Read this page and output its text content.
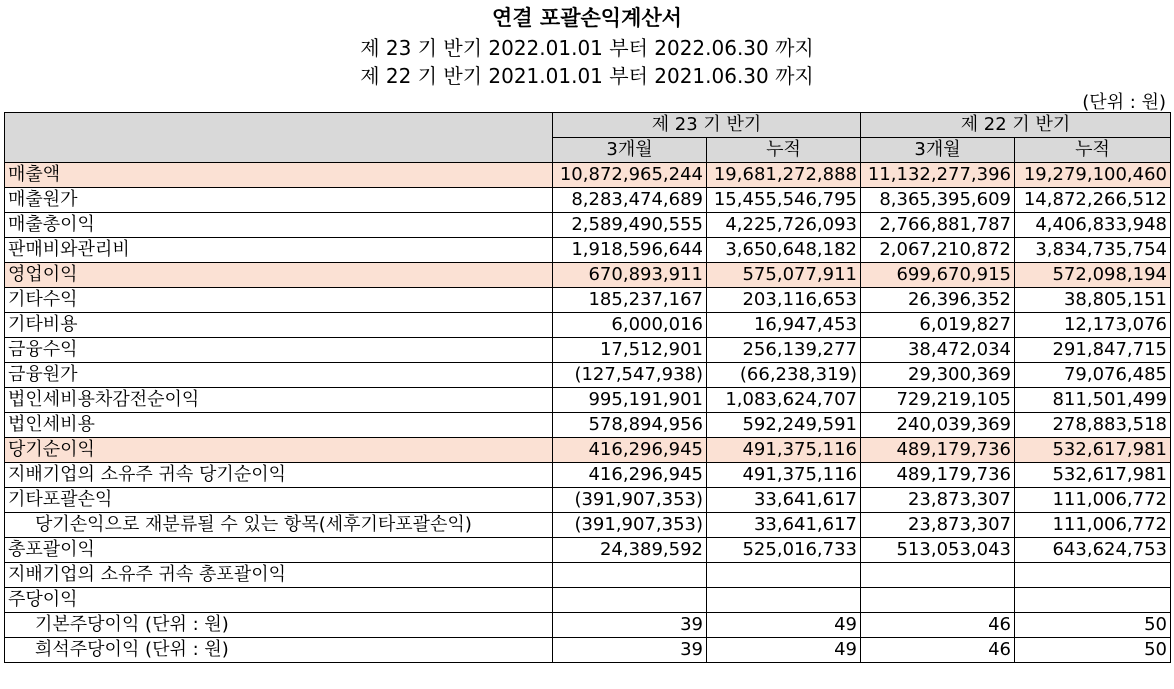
연결 포괄손익계산서
제 23 기 반기 2022.01.01 부터 2022.06.30 까지
제 22 기 반기 2021.01.01 부터 2021.06.30 까지
(단위 : 원)
	제 23 기 반기		제 22 기 반기	
	3개월	누적	3개월	누적
매출액	10,872,965,244	19,681,272,888	11,132,277,396	19,279,100,460
매출원가	8,283,474,689	15,455,546,795	8,365,395,609	14,872,266,512
매출총이익	2,589,490,555	4,225,726,093	2,766,881,787	4,406,833,948
판매비와관리비	1,918,596,644	3,650,648,182	2,067,210,872	3,834,735,754
영업이익	670,893,911	575,077,911	699,670,915	572,098,194
기타수익	185,237,167	203,116,653	26,396,352	38,805,151
기타비용	6,000,016	16,947,453	6,019,827	12,173,076
금융수익	17,512,901	256,139,277	38,472,034	291,847,715
금융원가	(127,547,938)	(66,238,319)	29,300,369	79,076,485
법인세비용차감전순이익	995,191,901	1,083,624,707	729,219,105	811,501,499
법인세비용	578,894,956	592,249,591	240,039,369	278,883,518
당기순이익	416,296,945	491,375,116	489,179,736	532,617,981
지배기업의 소유주 귀속 당기순이익	416,296,945	491,375,116	489,179,736	532,617,981
기타포괄손익	(391,907,353)	33,641,617	23,873,307	111,006,772
당기손익으로 재분류될 수 있는 항목(세후기타포괄손익)	(391,907,353)	33,641,617	23,873,307	111,006,772
총포괄이익	24,389,592	525,016,733	513,053,043	643,624,753
지배기업의 소유주 귀속 총포괄이익				
주당이익				
기본주당이익 (단위 : 원)	39	49	46	50
희석주당이익 (단위 : 원)	39	49	46	50
